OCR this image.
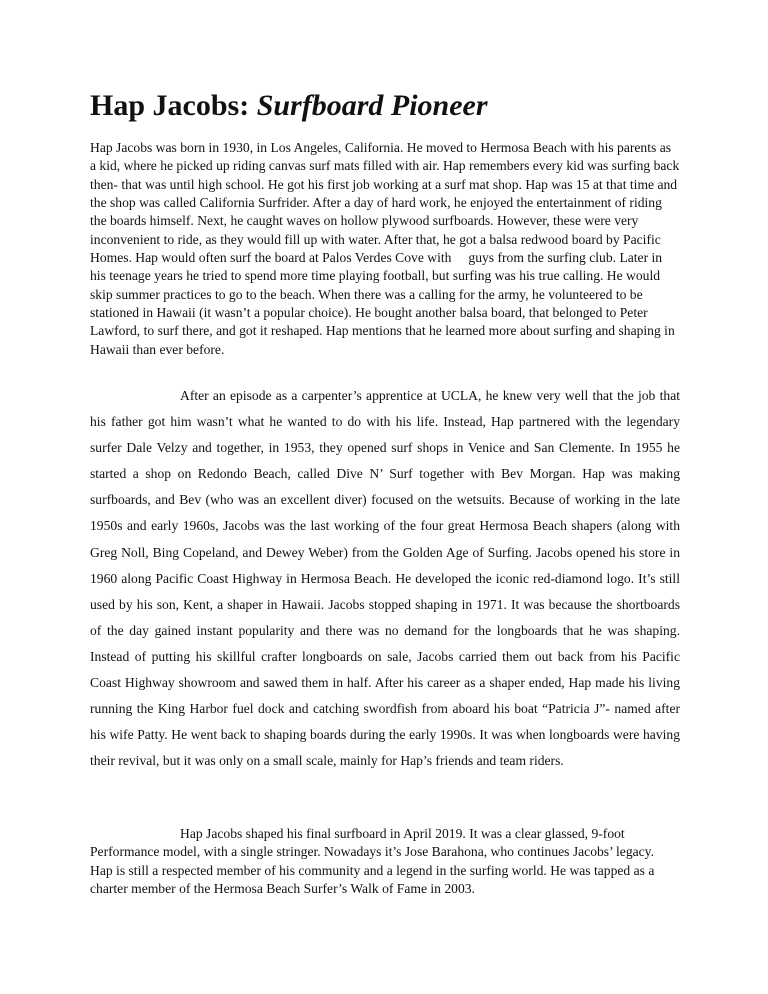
Hap Jacobs: Surfboard Pioneer

Hap Jacobs was born in 1930, in Los Angeles, California. He moved to Hermosa Beach with his parents as a kid, where he picked up riding canvas surf mats filled with air. Hap remembers every kid was surfing back then- that was until high school. He got his first job working at a surf mat shop. Hap was 15 at that time and the shop was called California Surfrider. After a day of hard work, he enjoyed the entertainment of riding the boards himself. Next, he caught waves on hollow plywood surfboards. However, these were very inconvenient to ride, as they would fill up with water. After that, he got a balsa redwood board by Pacific Homes. Hap would often surf the board at Palos Verdes Cove with     guys from the surfing club. Later in his teenage years he tried to spend more time playing football, but surfing was his true calling. He would skip summer practices to go to the beach. When there was a calling for the army, he volunteered to be stationed in Hawaii (it wasn’t a popular choice). He bought another balsa board, that belonged to Peter Lawford, to surf there, and got it reshaped. Hap mentions that he learned more about surfing and shaping in Hawaii than ever before.

After an episode as a carpenter’s apprentice at UCLA, he knew very well that the job that his father got him wasn’t what he wanted to do with his life. Instead, Hap partnered with the legendary surfer Dale Velzy and together, in 1953, they opened surf shops in Venice and San Clemente. In 1955 he started a shop on Redondo Beach, called Dive N’ Surf together with Bev Morgan. Hap was making surfboards, and Bev (who was an excellent diver) focused on the wetsuits. Because of working in the late 1950s and early 1960s, Jacobs was the last working of the four great Hermosa Beach shapers (along with Greg Noll, Bing Copeland, and Dewey Weber) from the Golden Age of Surfing. Jacobs opened his store in 1960 along Pacific Coast Highway in Hermosa Beach. He developed the iconic red-diamond logo. It’s still used by his son, Kent, a shaper in Hawaii. Jacobs stopped shaping in 1971. It was because the shortboards of the day gained instant popularity and there was no demand for the longboards that he was shaping. Instead of putting his skillful crafter longboards on sale, Jacobs carried them out back from his Pacific Coast Highway showroom and sawed them in half. After his career as a shaper ended, Hap made his living running the King Harbor fuel dock and catching swordfish from aboard his boat “Patricia J”- named after his wife Patty. He went back to shaping boards during the early 1990s. It was when longboards were having their revival, but it was only on a small scale, mainly for Hap’s friends and team riders.

Hap Jacobs shaped his final surfboard in April 2019. It was a clear glassed, 9-foot Performance model, with a single stringer. Nowadays it’s Jose Barahona, who continues Jacobs’ legacy. Hap is still a respected member of his community and a legend in the surfing world. He was tapped as a charter member of the Hermosa Beach Surfer’s Walk of Fame in 2003.
